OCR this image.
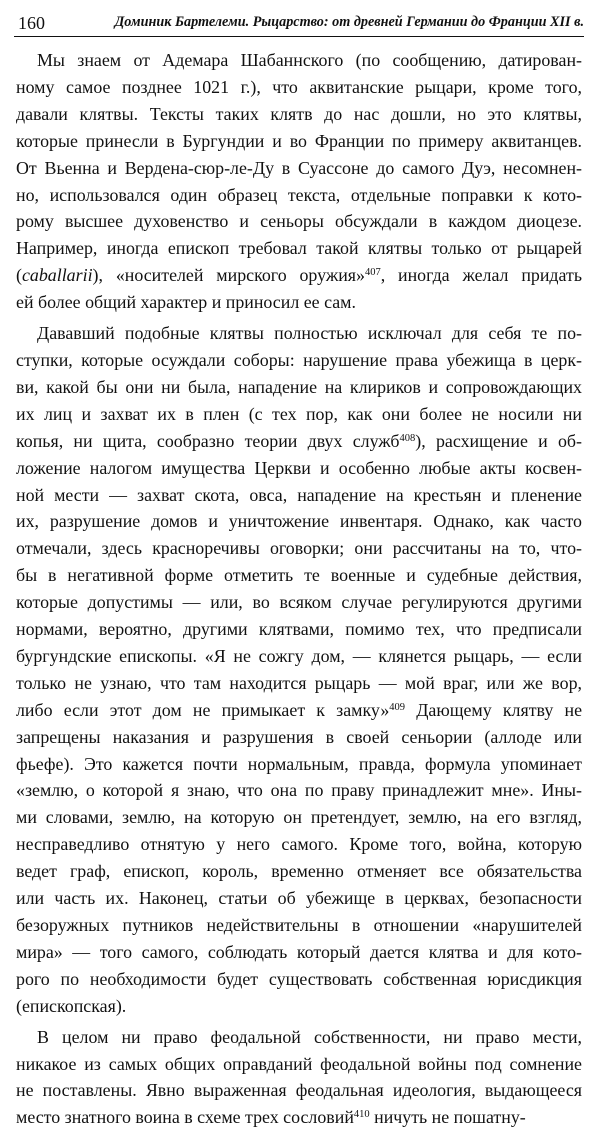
160	Доминик Бартелеми. Рыцарство: от древней Германии до Франции XII в.
Мы знаем от Адемара Шабаннского (по сообщению, датирован-
ному самое позднее 1021 г.), что аквитанские рыцари, кроме того,
давали клятвы. Тексты таких клятв до нас дошли, но это клятвы,
которые принесли в Бургундии и во Франции по примеру аквитанцев.
От Вьенна и Вердена-сюр-ле-Ду в Суассоне до самого Дуэ, несомнен-
но, использовался один образец текста, отдельные поправки к кото-
рому высшее духовенство и сеньоры обсуждали в каждом диоцезе.
Например, иногда епископ требовал такой клятвы только от рыцарей
(caballarii), «носителей мирского оружия»$^{407}$, иногда желал придать
ей более общий характер и приносил ее сам.
Дававший подобные клятвы полностью исключал для себя те по-
ступки, которые осуждали соборы: нарушение права убежища в церк-
ви, какой бы они ни была, нападение на клириков и сопровождающих
их лиц и захват их в плен (с тех пор, как они более не носили ни
копья, ни щита, сообразно теории двух служб$^{408}$), расхищение и об-
ложение налогом имущества Церкви и особенно любые акты косвен-
ной мести — захват скота, овса, нападение на крестьян и пленение
их, разрушение домов и уничтожение инвентаря. Однако, как часто
отмечали, здесь красноречивы оговорки; они рассчитаны на то, что-
бы в негативной форме отметить те военные и судебные действия,
которые допустимы — или, во всяком случае регулируются другими
нормами, вероятно, другими клятвами, помимо тех, что предписали
бургундские епископы. «Я не сожгу дом, — клянется рыцарь, — если
только не узнаю, что там находится рыцарь — мой враг, или же вор,
либо если этот дом не примыкает к замку»$^{409}$ Дающему клятву не
запрещены наказания и разрушения в своей сеньории (аллоде или
фьефе). Это кажется почти нормальным, правда, формула упоминает
«землю, о которой я знаю, что она по праву принадлежит мне». Ины-
ми словами, землю, на которую он претендует, землю, на его взгляд,
несправедливо отнятую у него самого. Кроме того, война, которую
ведет граф, епископ, король, временно отменяет все обязательства
или часть их. Наконец, статьи об убежище в церквах, безопасности
безоружных путников недействительны в отношении «нарушителей
мира» — того самого, соблюдать который дается клятва и для кото-
рого по необходимости будет существовать собственная юрисдикция
(епископская).
В целом ни право феодальной собственности, ни право мести,
никакое из самых общих оправданий феодальной войны под сомнение
не поставлены. Явно выраженная феодальная идеология, выдающееся
место знатного воина в схеме трех сословий$^{410}$ ничуть не пошатну-
